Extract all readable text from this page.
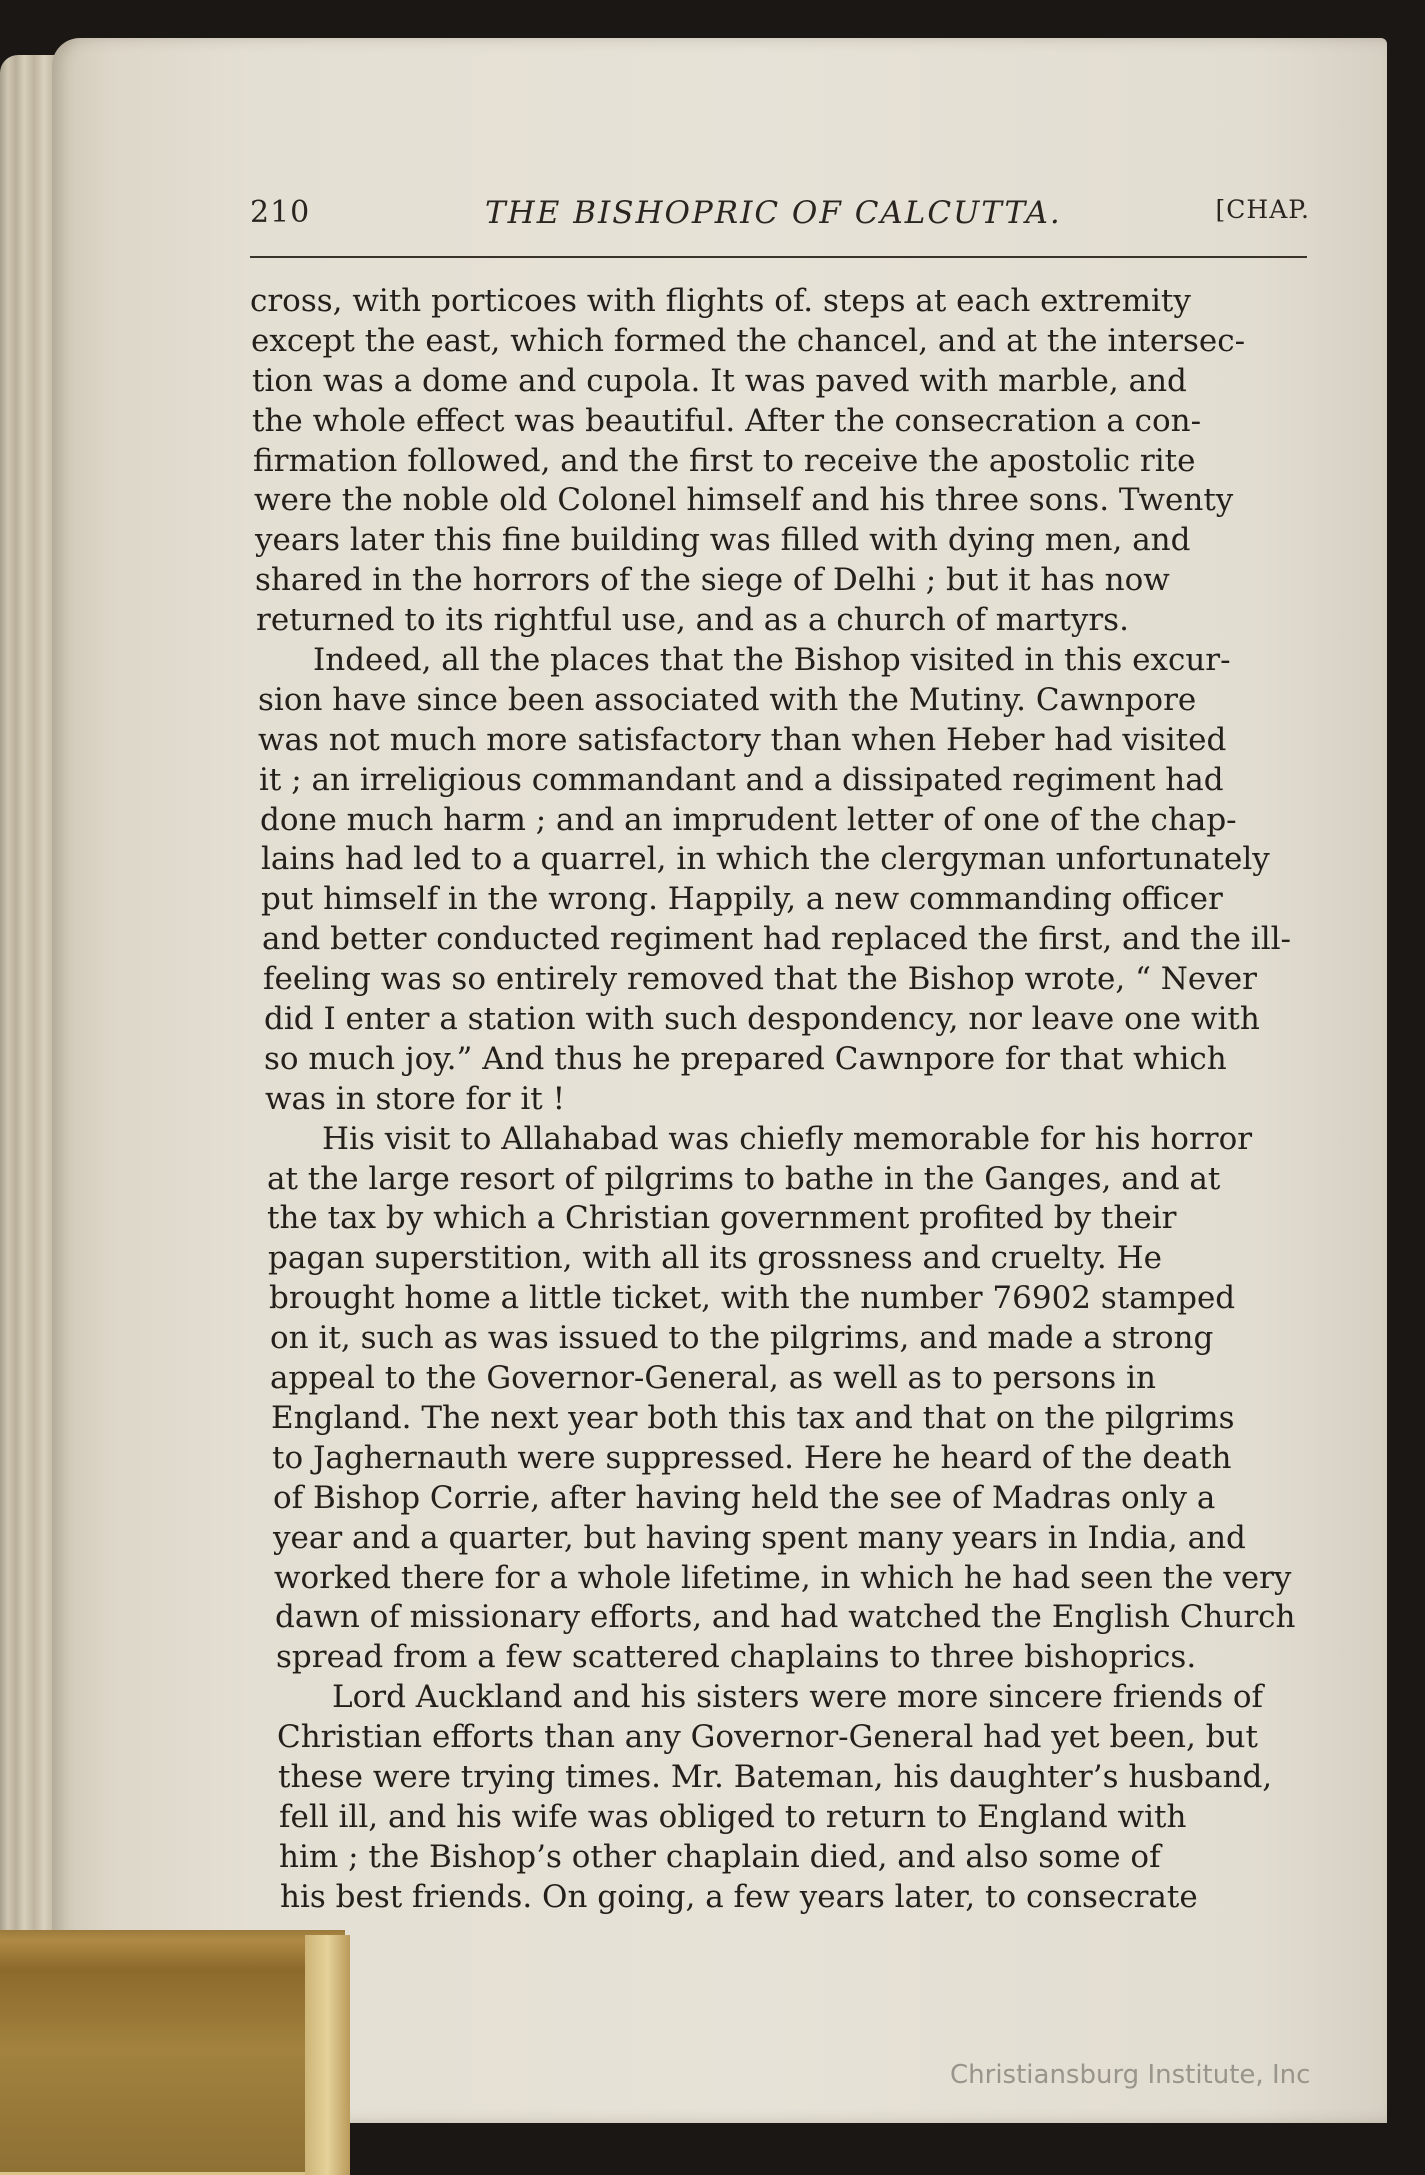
210	THE BISHOPRIC OF CALCUTTA.	[CHAP.
cross, with porticoes with flights of. steps at each extremity
except the east, which formed the chancel, and at the intersec-
tion was a dome and cupola. It was paved with marble, and
the whole effect was beautiful. After the consecration a con-
firmation followed, and the first to receive the apostolic rite
were the noble old Colonel himself and his three sons. Twenty
years later this fine building was filled with dying men, and
shared in the horrors of the siege of Delhi ; but it has now
returned to its rightful use, and as a church of martyrs.
Indeed, all the places that the Bishop visited in this excur-
sion have since been associated with the Mutiny. Cawnpore
was not much more satisfactory than when Heber had visited
it ; an irreligious commandant and a dissipated regiment had
done much harm ; and an imprudent letter of one of the chap-
lains had led to a quarrel, in which the clergyman unfortunately
put himself in the wrong. Happily, a new commanding officer
and better conducted regiment had replaced the first, and the ill-
feeling was so entirely removed that the Bishop wrote, “ Never
did I enter a station with such despondency, nor leave one with
so much joy.” And thus he prepared Cawnpore for that which
was in store for it !
His visit to Allahabad was chiefly memorable for his horror
at the large resort of pilgrims to bathe in the Ganges, and at
the tax by which a Christian government profited by their
pagan superstition, with all its grossness and cruelty. He
brought home a little ticket, with the number 76902 stamped
on it, such as was issued to the pilgrims, and made a strong
appeal to the Governor-General, as well as to persons in
England. The next year both this tax and that on the pilgrims
to Jaghernauth were suppressed. Here he heard of the death
of Bishop Corrie, after having held the see of Madras only a
year and a quarter, but having spent many years in India, and
worked there for a whole lifetime, in which he had seen the very
dawn of missionary efforts, and had watched the English Church
spread from a few scattered chaplains to three bishoprics.
Lord Auckland and his sisters were more sincere friends of
Christian efforts than any Governor-General had yet been, but
these were trying times. Mr. Bateman, his daughter’s husband,
fell ill, and his wife was obliged to return to England with
him ; the Bishop’s other chaplain died, and also some of
his best friends. On going, a few years later, to consecrate
Christiansburg Institute, Inc
